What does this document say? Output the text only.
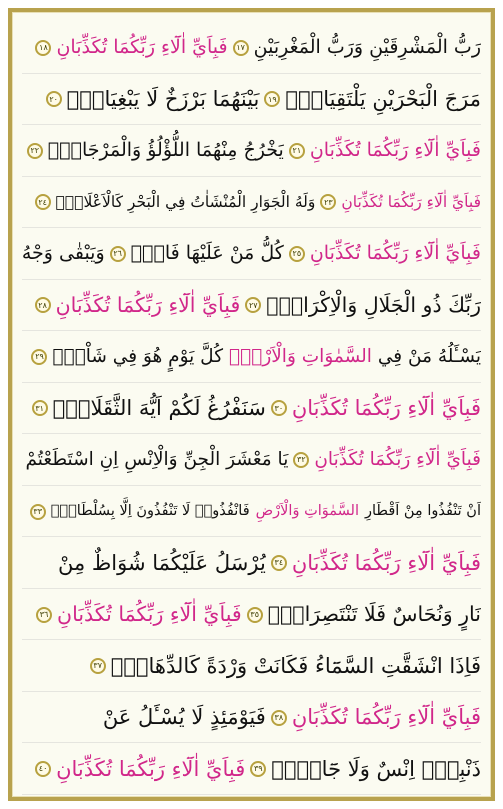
رَبُّ الْمَشْرِقَيْنِ وَرَبُّ الْمَغْرِبَيْنِ
١٧
فَبِاَيِّ اٰلَٓاءِ رَبِّكُمَا تُكَذِّبَانِ
١٨
مَرَجَ الْبَحْرَيْنِ يَلْتَقِيَانِۙ
١٩
بَيْنَهُمَا بَرْزَخٌ لَا يَبْغِيَانِۚ
٢٠
فَبِاَيِّ اٰلَٓاءِ رَبِّكُمَا تُكَذِّبَانِ
٢١
يَخْرُجُ مِنْهُمَا اللُّؤْلُؤُ وَالْمَرْجَانُۚ
٢٢
فَبِاَيِّ اٰلَٓاءِ رَبِّكُمَا تُكَذِّبَانِ
٢٣
وَلَهُ الْجَوَارِ الْمُنْشَاٰتُ فِي الْبَحْرِ كَالْاَعْلَامِۚ
٢٤
فَبِاَيِّ اٰلَٓاءِ رَبِّكُمَا تُكَذِّبَانِ
٢٥
كُلُّ مَنْ عَلَيْهَا فَانٍۚ
٢٦
وَيَبْقٰى وَجْهُ
رَبِّكَ ذُو الْجَلَالِ وَالْاِكْرَامِۚ
٢٧
فَبِاَيِّ اٰلَٓاءِ رَبِّكُمَا تُكَذِّبَانِ
٢٨
يَسْـَٔلُهُ مَنْ فِي
السَّمٰوَاتِ وَالْاَرْضِۜ
كُلَّ يَوْمٍ هُوَ فِي شَاْنٍۚ
٢٩
فَبِاَيِّ اٰلَٓاءِ رَبِّكُمَا تُكَذِّبَانِ
٣٠
سَنَفْرُغُ لَكُمْ اَيُّهَ الثَّقَلَانِۚ
٣١
فَبِاَيِّ اٰلَٓاءِ رَبِّكُمَا تُكَذِّبَانِ
٣٢
يَا مَعْشَرَ الْجِنِّ وَالْاِنْسِ اِنِ اسْتَطَعْتُمْ
اَنْ تَنْفُذُوا مِنْ اَقْطَارِ
السَّمٰوَاتِ وَالْاَرْضِ
فَانْفُذُواۜ لَا تَنْفُذُونَ اِلَّا بِسُلْطَانٍۚ
٣٣
فَبِاَيِّ اٰلَٓاءِ رَبِّكُمَا تُكَذِّبَانِ
٣٤
يُرْسَلُ عَلَيْكُمَا شُوَاظٌ مِنْ
نَارٍ وَنُحَاسٌ فَلَا تَنْتَصِرَانِۚ
٣٥
فَبِاَيِّ اٰلَٓاءِ رَبِّكُمَا تُكَذِّبَانِ
٣٦
فَاِذَا انْشَقَّتِ السَّمَٓاءُ فَكَانَتْ وَرْدَةً كَالدِّهَانِۚ
٣٧
فَبِاَيِّ اٰلَٓاءِ رَبِّكُمَا تُكَذِّبَانِ
٣٨
فَيَوْمَئِذٍ لَا يُسْـَٔلُ عَنْ
ذَنْبِه۪ٓ اِنْسٌ وَلَا جَٓانٌّۚ
٣٩
فَبِاَيِّ اٰلَٓاءِ رَبِّكُمَا تُكَذِّبَانِ
٤٠
